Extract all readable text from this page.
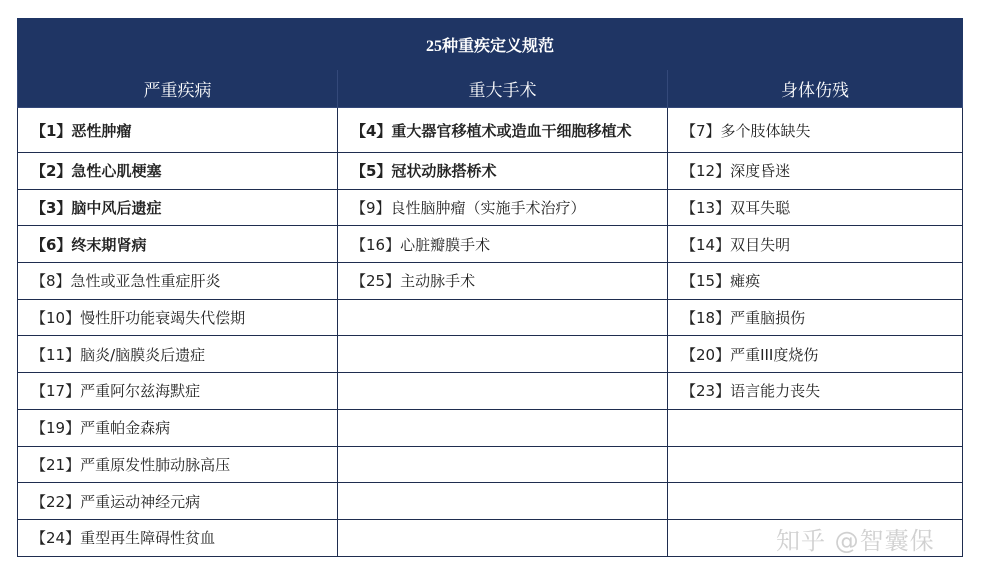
25种重疾定义规范		
严重疾病	重大手术	身体伤残
【1】恶性肿瘤	【4】重大器官移植术或造血干细胞移植术	【7】多个肢体缺失
【2】急性心肌梗塞	【5】冠状动脉搭桥术	【12】深度昏迷
【3】脑中风后遗症	【9】良性脑肿瘤（实施手术治疗）	【13】双耳失聪
【6】终末期肾病	【16】心脏瓣膜手术	【14】双目失明
【8】急性或亚急性重症肝炎	【25】主动脉手术	【15】瘫痪
【10】慢性肝功能衰竭失代偿期		【18】严重脑损伤
【11】脑炎/脑膜炎后遗症		【20】严重III度烧伤
【17】严重阿尔兹海默症		【23】语言能力丧失
【19】严重帕金森病		
【21】严重原发性肺动脉高压		
【22】严重运动神经元病		
【24】重型再生障碍性贫血			知乎 @智囊保
